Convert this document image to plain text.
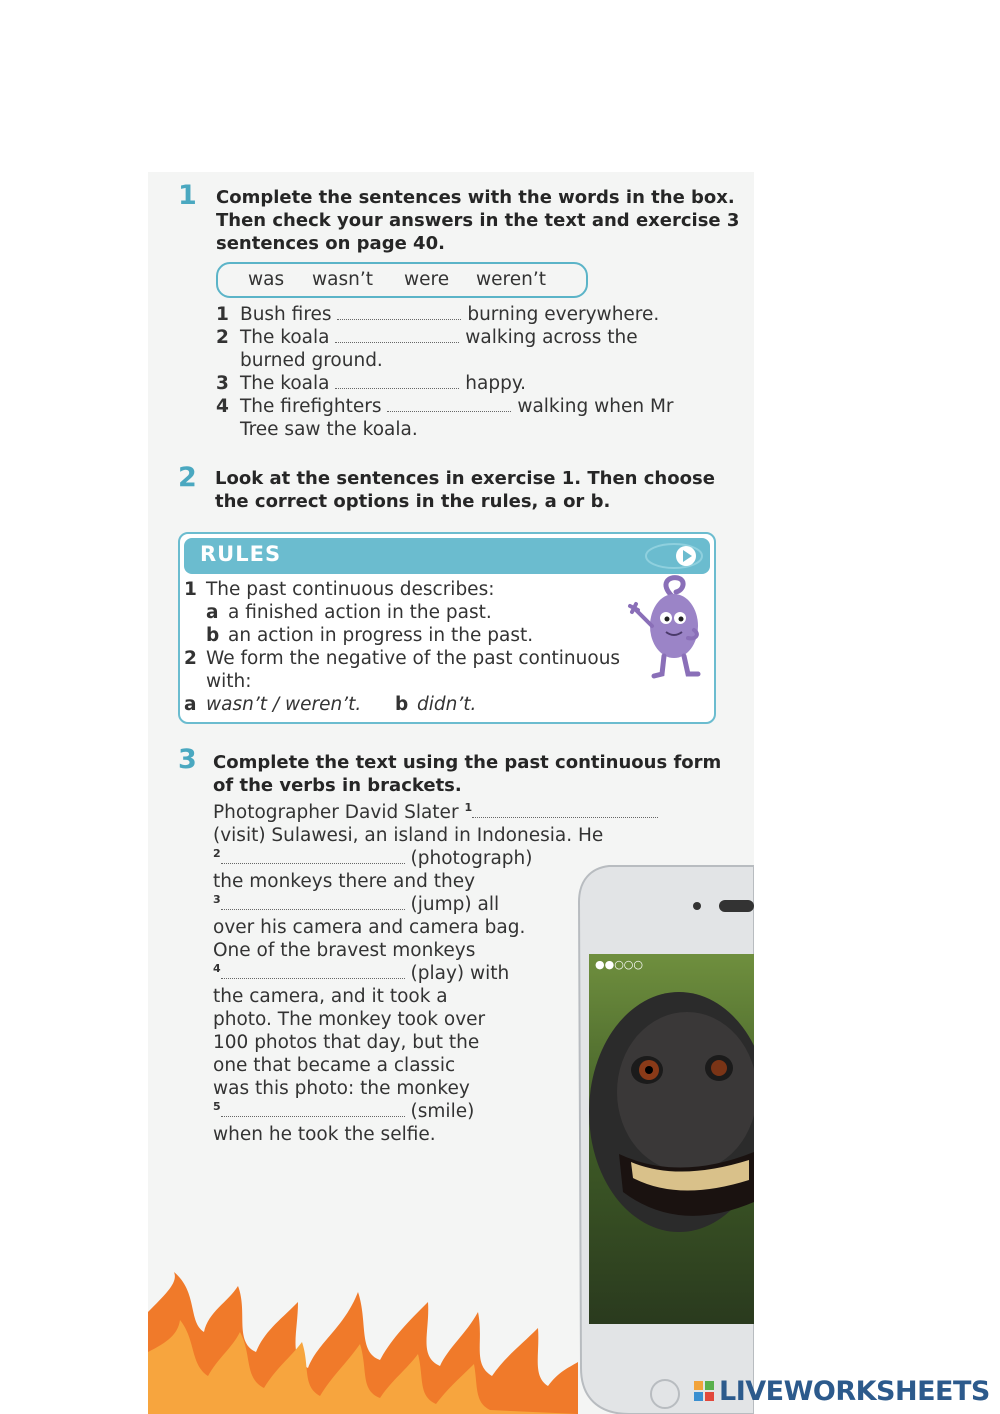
1 Complete the sentences with the words in the box.
Then check your answers in the text and exercise 3
sentences on page 40.
was wasn’t were weren’t
1 Bush fires	burning everywhere.
2 The koala	walking across the
burned ground.
3 The koala	happy.
4 The firefighters	walking when Mr
Tree saw the koala.
2 Look at the sentences in exercise 1. Then choose
the correct options in the rules, a or b.
RULES
1 The past continuous describes:
a a finished action in the past.
b an action in progress in the past.
2 We form the negative of the past continuous
with:
a wasn’t / weren’t. b didn’t.
3 Complete the text using the past continuous form
of the verbs in brackets.
●●○○○
Photographer David Slater $^1$
(visit) Sulawesi, an island in Indonesia. He
$^2$	(photograph)
the monkeys there and they
$^3$	(jump) all
over his camera and camera bag.
One of the bravest monkeys
$^4$	(play) with
the camera, and it took a
photo. The monkey took over
100 photos that day, but the
one that became a classic
was this photo: the monkey
$^5$	(smile)
when he took the selfie.
LIVEWORKSHEETS
